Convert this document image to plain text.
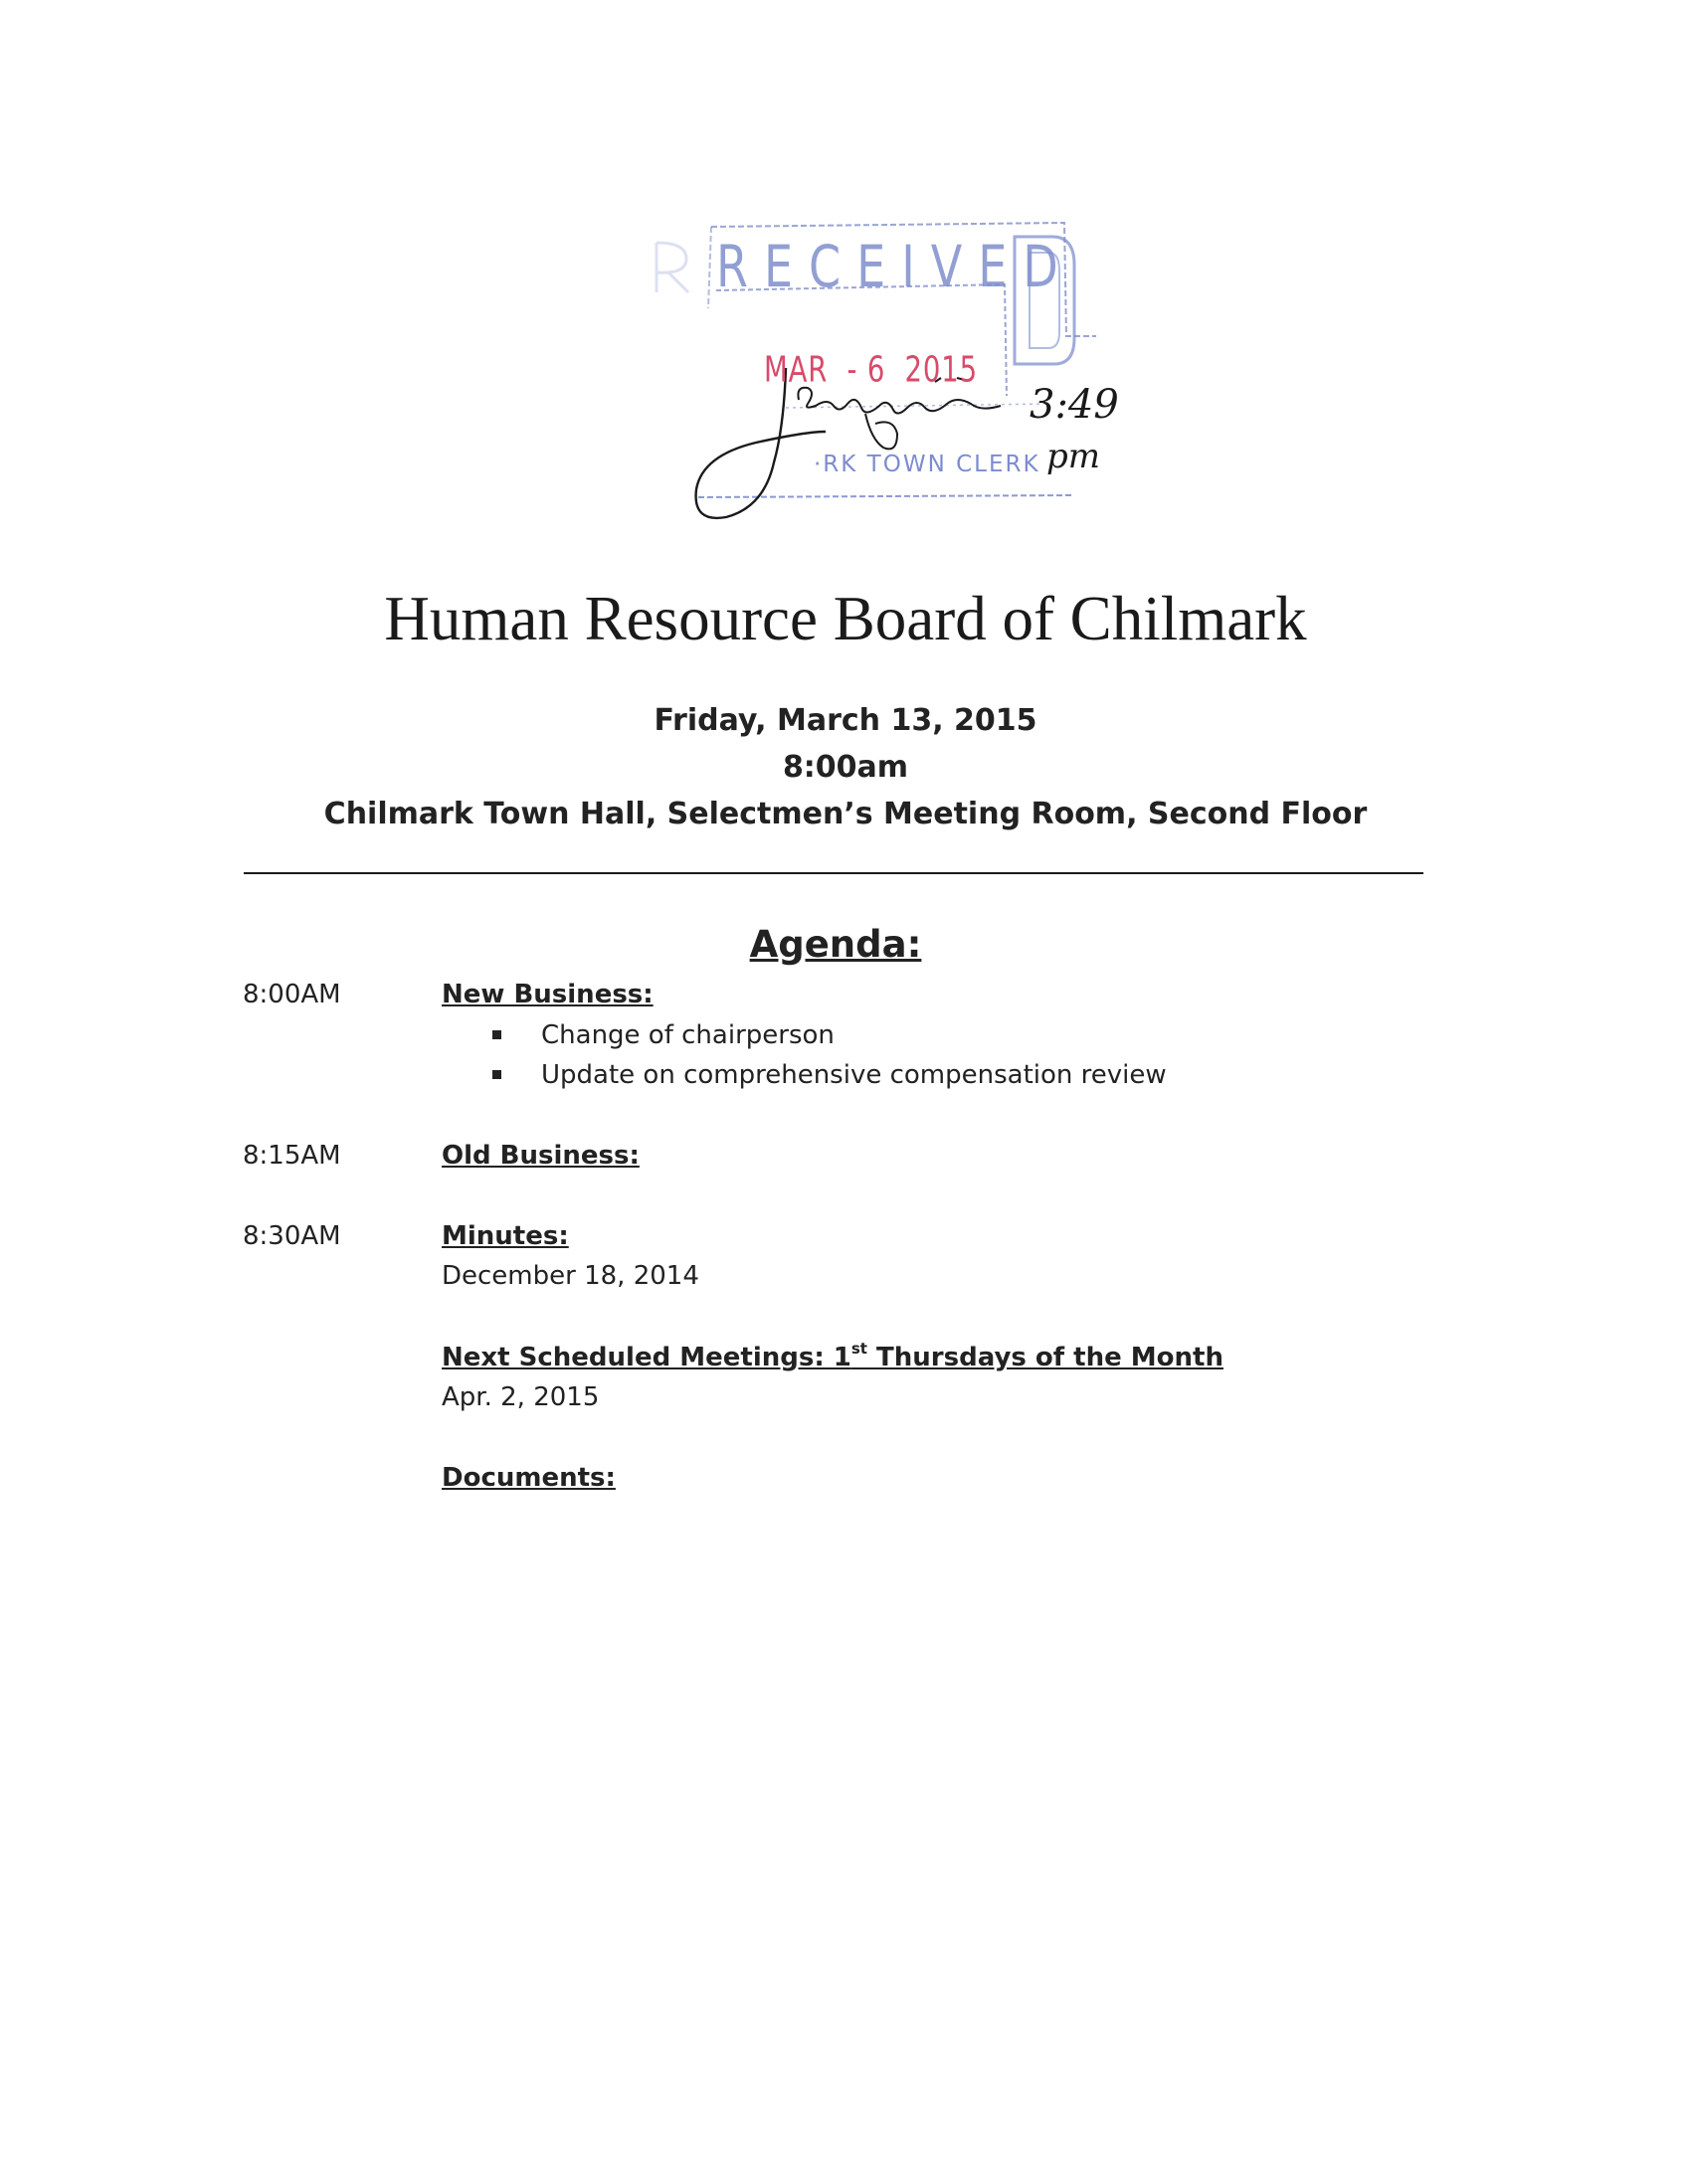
3:49
pm
RECEIVED
MAR  - 6  2015
·RK TOWN CLERK
Human Resource Board of Chilmark
Friday, March 13, 2015
8:00am
Chilmark Town Hall, Selectmen’s Meeting Room, Second Floor
Agenda:
8:00AM	New Business:
Change of chairperson
Update on comprehensive compensation review
8:15AM	Old Business:
8:30AM	Minutes:
December 18, 2014
Next Scheduled Meetings: 1st Thursdays of the Month
Apr. 2, 2015
Documents:
